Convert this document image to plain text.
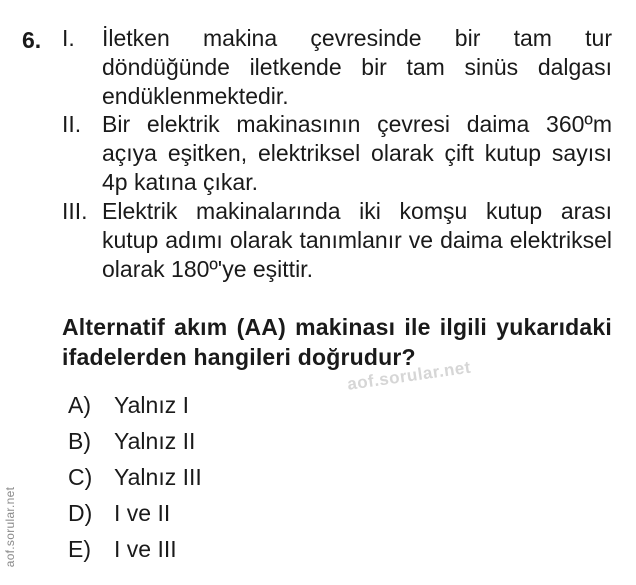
6. I. İletken makina çevresinde bir tam tur döndüğünde iletkende bir tam sinüs dalgası endüklenmektedir.
II. Bir elektrik makinasının çevresi daima 360ºm açıya eşitken, elektriksel olarak çift kutup sayısı 4p katına çıkar.
III. Elektrik makinalarında iki komşu kutup arası kutup adımı olarak tanımlanır ve daima elektriksel olarak 180º'ye eşittir.
Alternatif akım (AA) makinası ile ilgili yukarıdaki ifadelerden hangileri doğrudur?
aof.sorular.net
A) Yalnız I
B) Yalnız II
C) Yalnız III
D) I ve II
E) I ve III
aof.sorular.net
